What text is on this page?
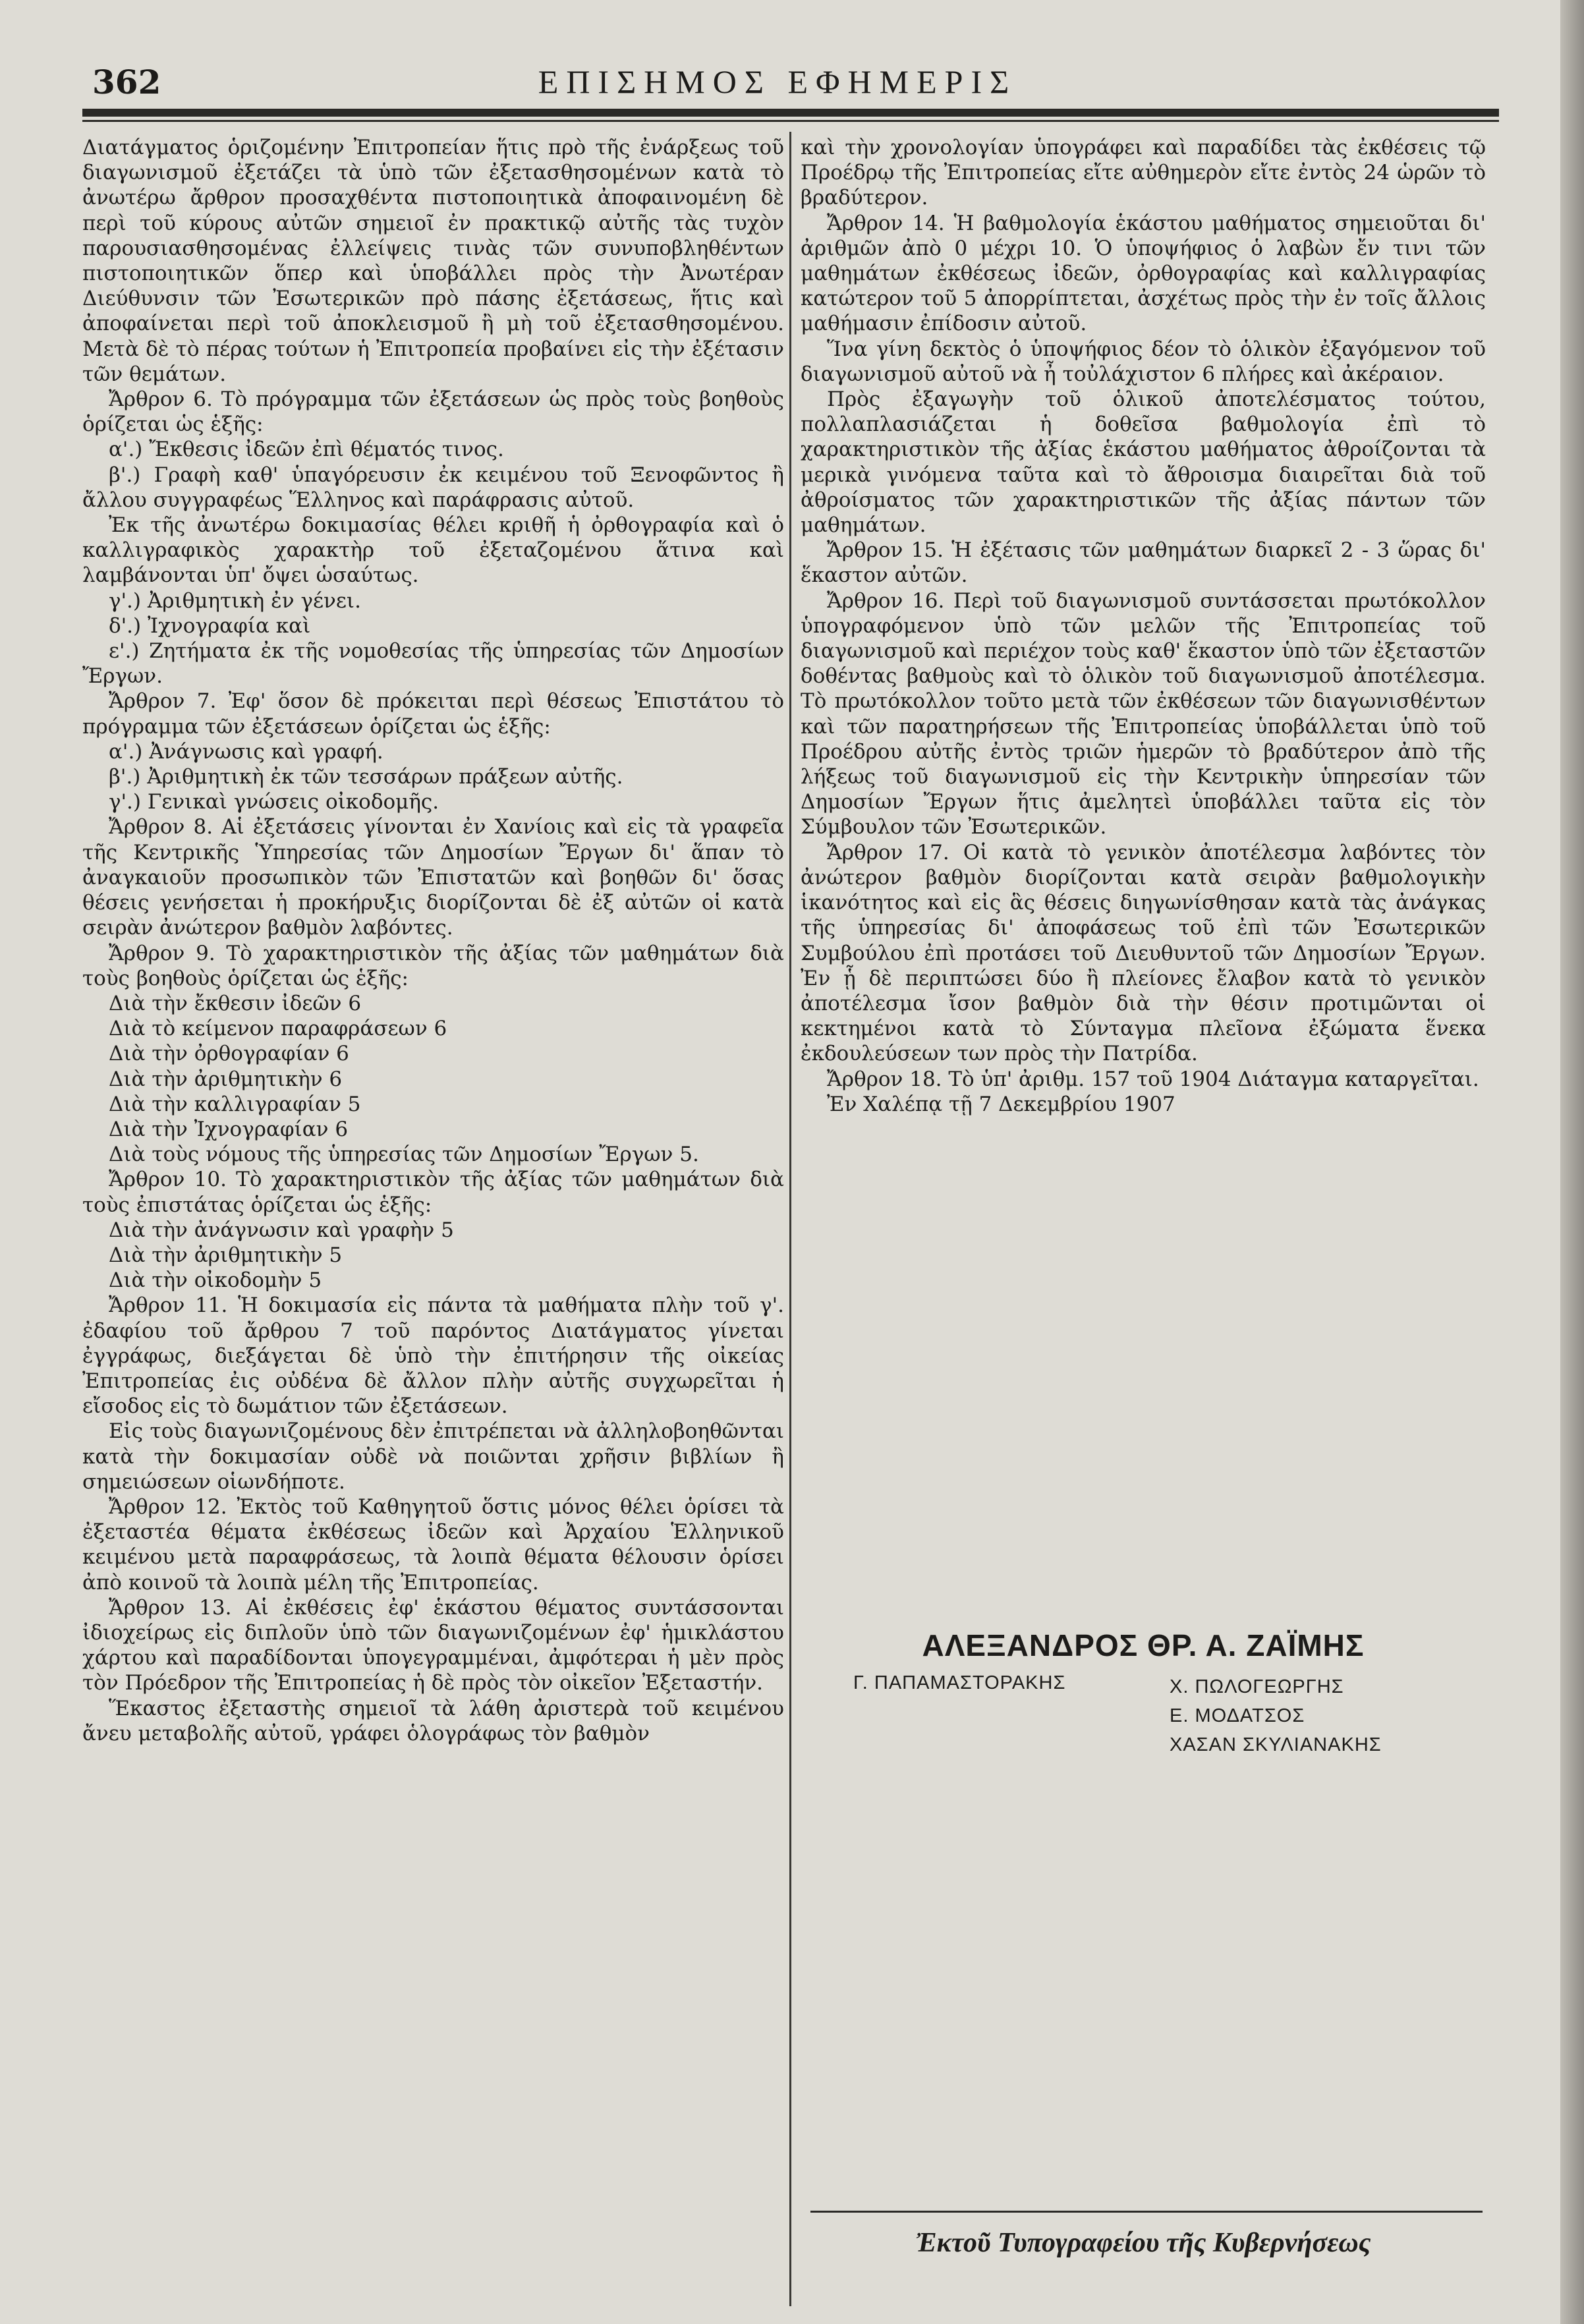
362	ΕΠΙΣΗΜΟΣ ΕΦΗΜΕΡΙΣ

Διατάγματος ὁριζομένην Ἐπιτροπείαν ἥτις πρὸ τῆς ἐνάρξεως τοῦ διαγωνισμοῦ ἐξετάζει τὰ ὑπὸ τῶν ἐξετασθησομένων κατὰ τὸ ἀνωτέρω ἄρθρον προσαχθέντα πιστοποιητικὰ ἀποφαινομένη δὲ περὶ τοῦ κύρους αὐτῶν σημειοῖ ἐν πρακτικῷ αὐτῆς τὰς τυχὸν παρουσιασθησομένας ἐλλείψεις τινὰς τῶν συνυποβληθέντων πιστοποιητικῶν ὅπερ καὶ ὑποβάλλει πρὸς τὴν Ἀνωτέραν Διεύθυνσιν τῶν Ἐσωτερικῶν πρὸ πάσης ἐξετάσεως, ἥτις καὶ ἀποφαίνεται περὶ τοῦ ἀποκλεισμοῦ ἢ μὴ τοῦ ἐξετασθησομένου. Μετὰ δὲ τὸ πέρας τούτων ἡ Ἐπιτροπεία προβαίνει εἰς τὴν ἐξέτασιν τῶν θεμάτων.

Ἄρθρον 6. Τὸ πρόγραμμα τῶν ἐξετάσεων ὡς πρὸς τοὺς βοηθοὺς ὁρίζεται ὡς ἑξῆς:

α'.) Ἔκθεσις ἰδεῶν ἐπὶ θέματός τινος.

β'.) Γραφὴ καθ' ὑπαγόρευσιν ἐκ κειμένου τοῦ Ξενοφῶντος ἢ ἄλλου συγγραφέως Ἕλληνος καὶ παράφρασις αὐτοῦ.

Ἐκ τῆς ἀνωτέρω δοκιμασίας θέλει κριθῆ ἡ ὀρθογραφία καὶ ὁ καλλιγραφικὸς χαρακτὴρ τοῦ ἐξεταζομένου ἅτινα καὶ λαμβάνονται ὑπ' ὄψει ὡσαύτως.

γ'.) Ἀριθμητικὴ ἐν γένει.

δ'.) Ἰχνογραφία καὶ

ε'.) Ζητήματα ἐκ τῆς νομοθεσίας τῆς ὑπηρεσίας τῶν Δημοσίων Ἔργων.

Ἄρθρον 7. Ἐφ' ὅσον δὲ πρόκειται περὶ θέσεως Ἐπιστάτου τὸ πρόγραμμα τῶν ἐξετάσεων ὁρίζεται ὡς ἑξῆς:

α'.) Ἀνάγνωσις καὶ γραφή.

β'.) Ἀριθμητικὴ ἐκ τῶν τεσσάρων πράξεων αὐτῆς.

γ'.) Γενικαὶ γνώσεις οἰκοδομῆς.

Ἄρθρον 8. Αἱ ἐξετάσεις γίνονται ἐν Χανίοις καὶ εἰς τὰ γραφεῖα τῆς Κεντρικῆς Ὑπηρεσίας τῶν Δημοσίων Ἔργων δι' ἅπαν τὸ ἀναγκαιοῦν προσωπικὸν τῶν Ἐπιστατῶν καὶ βοηθῶν δι' ὅσας θέσεις γενήσεται ἡ προκήρυξις διορίζονται δὲ ἐξ αὐτῶν οἱ κατὰ σειρὰν ἀνώτερον βαθμὸν λαβόντες.

Ἄρθρον 9. Τὸ χαρακτηριστικὸν τῆς ἀξίας τῶν μαθημάτων διὰ τοὺς βοηθοὺς ὁρίζεται ὡς ἑξῆς:

Διὰ τὴν ἔκθεσιν ἰδεῶν 6

Διὰ τὸ κείμενον παραφράσεων 6

Διὰ τὴν ὀρθογραφίαν 6

Διὰ τὴν ἀριθμητικὴν 6

Διὰ τὴν καλλιγραφίαν 5

Διὰ τὴν Ἰχνογραφίαν 6

Διὰ τοὺς νόμους τῆς ὑπηρεσίας τῶν Δημοσίων Ἔργων 5.

Ἄρθρον 10. Τὸ χαρακτηριστικὸν τῆς ἀξίας τῶν μαθημάτων διὰ τοὺς ἐπιστάτας ὁρίζεται ὡς ἑξῆς:

Διὰ τὴν ἀνάγνωσιν καὶ γραφὴν 5

Διὰ τὴν ἀριθμητικὴν 5

Διὰ τὴν οἰκοδομὴν 5

Ἄρθρον 11. Ἡ δοκιμασία εἰς πάντα τὰ μαθήματα πλὴν τοῦ γ'. ἐδαφίου τοῦ ἄρθρου 7 τοῦ παρόντος Διατάγματος γίνεται ἐγγράφως, διεξάγεται δὲ ὑπὸ τὴν ἐπιτήρησιν τῆς οἰκείας Ἐπιτροπείας ἐις οὐδένα δὲ ἄλλον πλὴν αὐτῆς συγχωρεῖται ἡ εἴσοδος εἰς τὸ δωμάτιον τῶν ἐξετάσεων.

Εἰς τοὺς διαγωνιζομένους δὲν ἐπιτρέπεται νὰ ἀλληλοβοηθῶνται κατὰ τὴν δοκιμασίαν οὐδὲ νὰ ποιῶνται χρῆσιν βιβλίων ἢ σημειώσεων οἱωνδήποτε.

Ἄρθρον 12. Ἐκτὸς τοῦ Καθηγητοῦ ὅστις μόνος θέλει ὁρίσει τὰ ἐξεταστέα θέματα ἐκθέσεως ἰδεῶν καὶ Ἀρχαίου Ἑλληνικοῦ κειμένου μετὰ παραφράσεως, τὰ λοιπὰ θέματα θέλουσιν ὁρίσει ἀπὸ κοινοῦ τὰ λοιπὰ μέλη τῆς Ἐπιτροπείας.

Ἄρθρον 13. Αἱ ἐκθέσεις ἐφ' ἑκάστου θέματος συντάσσονται ἰδιοχείρως εἰς διπλοῦν ὑπὸ τῶν διαγωνιζομένων ἐφ' ἡμικλάστου χάρτου καὶ παραδίδονται ὑπογεγραμμέναι, ἀμφότεραι ἡ μὲν πρὸς τὸν Πρόεδρον τῆς Ἐπιτροπείας ἡ δὲ πρὸς τὸν οἰκεῖον Ἐξεταστήν.

Ἕκαστος ἐξεταστὴς σημειοῖ τὰ λάθη ἀριστερὰ τοῦ κειμένου ἄνευ μεταβολῆς αὐτοῦ, γράφει ὁλογράφως τὸν βαθμὸν

καὶ τὴν χρονολογίαν ὑπογράφει καὶ παραδίδει τὰς ἐκθέσεις τῷ Προέδρῳ τῆς Ἐπιτροπείας εἴτε αὐθημερὸν εἴτε ἐντὸς 24 ὡρῶν τὸ βραδύτερον.

Ἄρθρον 14. Ἡ βαθμολογία ἑκάστου μαθήματος σημειοῦται δι' ἀριθμῶν ἀπὸ 0 μέχρι 10. Ὁ ὑποψήφιος ὁ λαβὼν ἔν τινι τῶν μαθημάτων ἐκθέσεως ἰδεῶν, ὀρθογραφίας καὶ καλλιγραφίας κατώτερον τοῦ 5 ἀπορρίπτεται, ἀσχέτως πρὸς τὴν ἐν τοῖς ἄλλοις μαθήμασιν ἐπίδοσιν αὐτοῦ.

Ἵνα γίνη δεκτὸς ὁ ὑποψήφιος δέον τὸ ὁλικὸν ἐξαγόμενον τοῦ διαγωνισμοῦ αὐτοῦ νὰ ἦ τοὐλάχιστον 6 πλήρες καὶ ἀκέραιον.

Πρὸς ἐξαγωγὴν τοῦ ὁλικοῦ ἀποτελέσματος τούτου, πολλαπλασιάζεται ἡ δοθεῖσα βαθμολογία ἐπὶ τὸ χαρακτηριστικὸν τῆς ἀξίας ἑκάστου μαθήματος ἀθροίζονται τὰ μερικὰ γινόμενα ταῦτα καὶ τὸ ἄθροισμα διαιρεῖται διὰ τοῦ ἀθροίσματος τῶν χαρακτηριστικῶν τῆς ἀξίας πάντων τῶν μαθημάτων.

Ἄρθρον 15. Ἡ ἐξέτασις τῶν μαθημάτων διαρκεῖ 2 - 3 ὥρας δι' ἕκαστον αὐτῶν.

Ἄρθρον 16. Περὶ τοῦ διαγωνισμοῦ συντάσσεται πρωτόκολλον ὑπογραφόμενον ὑπὸ τῶν μελῶν τῆς Ἐπιτροπείας τοῦ διαγωνισμοῦ καὶ περιέχον τοὺς καθ' ἕκαστον ὑπὸ τῶν ἐξεταστῶν δοθέντας βαθμοὺς καὶ τὸ ὁλικὸν τοῦ διαγωνισμοῦ ἀποτέλεσμα. Τὸ πρωτόκολλον τοῦτο μετὰ τῶν ἐκθέσεων τῶν διαγωνισθέντων καὶ τῶν παρατηρήσεων τῆς Ἐπιτροπείας ὑποβάλλεται ὑπὸ τοῦ Προέδρου αὐτῆς ἐντὸς τριῶν ἡμερῶν τὸ βραδύτερον ἀπὸ τῆς λήξεως τοῦ διαγωνισμοῦ εἰς τὴν Κεντρικὴν ὑπηρεσίαν τῶν Δημοσίων Ἔργων ἥτις ἀμελητεὶ ὑποβάλλει ταῦτα εἰς τὸν Σύμβουλον τῶν Ἐσωτερικῶν.

Ἄρθρον 17. Οἱ κατὰ τὸ γενικὸν ἀποτέλεσμα λαβόντες τὸν ἀνώτερον βαθμὸν διορίζονται κατὰ σειρὰν βαθμολογικὴν ἱκανότητος καὶ εἰς ἃς θέσεις διηγωνίσθησαν κατὰ τὰς ἀνάγκας τῆς ὑπηρεσίας δι' ἀποφάσεως τοῦ ἐπὶ τῶν Ἐσωτερικῶν Συμβούλου ἐπὶ προτάσει τοῦ Διευθυντοῦ τῶν Δημοσίων Ἔργων. Ἐν ᾗ δὲ περιπτώσει δύο ἢ πλείονες ἔλαβον κατὰ τὸ γενικὸν ἀποτέλεσμα ἴσον βαθμὸν διὰ τὴν θέσιν προτιμῶνται οἱ κεκτημένοι κατὰ τὸ Σύνταγμα πλεῖονα ἐξώματα ἕνεκα ἐκδουλεύσεων των πρὸς τὴν Πατρίδα.

Ἄρθρον 18. Τὸ ὑπ' ἀριθμ. 157 τοῦ 1904 Διάταγμα καταργεῖται.

Ἐν Χαλέπᾳ τῇ 7 Δεκεμβρίου 1907

ΑΛΕΞΑΝΔΡΟΣ ΘΡ. Α. ΖΑΪΜΗΣ
Γ. ΠΑΠΑΜΑΣΤΟΡΑΚΗΣ	Χ. ΠΩΛΟΓΕΩΡΓΗΣ
Ε. ΜΟΔΑΤΣΟΣ
ΧΑΣΑΝ ΣΚΥΛΙΑΝΑΚΗΣ
Ἐκτοῦ Τυπογραφείου τῆς Κυβερνήσεως
